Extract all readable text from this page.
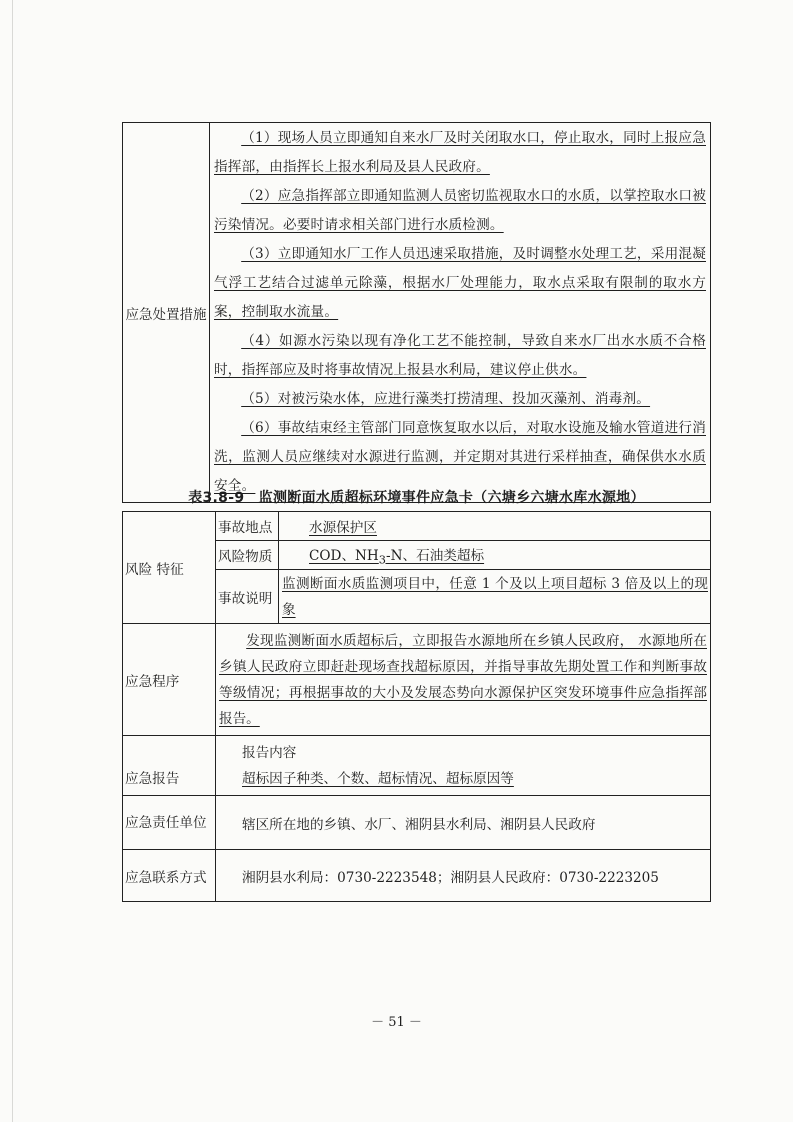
应急处置措施	

（1）现场人员立即通知自来水厂及时关闭取水口，停止取水，同时上报应急指挥部，由指挥长上报水利局及县人民政府。

（2）应急指挥部立即通知监测人员密切监视取水口的水质，以掌控取水口被污染情况。必要时请求相关部门进行水质检测。

（3）立即通知水厂工作人员迅速采取措施，及时调整水处理工艺，采用混凝气浮工艺结合过滤单元除藻，根据水厂处理能力，取水点采取有限制的取水方案，控制取水流量。

（4）如源水污染以现有净化工艺不能控制，导致自来水厂出水水质不合格时，指挥部应及时将事故情况上报县水利局，建议停止供水。

（5）对被污染水体，应进行藻类打捞清理、投加灭藻剂、消毒剂。

（6）事故结束经主管部门同意恢复取水以后，对取水设施及输水管道进行消洗，监测人员应继续对水源进行监测，并定期对其进行采样抽查，确保供水水质安全。

表3.8-9　监测断面水质超标环境事件应急卡（六塘乡六塘水库水源地）
风险 特征	事故地点	水源保护区
	风险物质	COD、$NH_3-N$、石油类超标
	事故说明	监测断面水质监测项目中，任意 1 个及以上项目超标 3 倍及以上的现象

应急程序	发现监测断面水质超标后，立即报告水源地所在乡镇人民政府， 水源地所在乡镇人民政府立即赶赴现场查找超标原因，并指导事故先期处置工作和判断事故等级情况；再根据事故的大小及发展态势向水源保护区突发环境事件应急指挥部报告。	

应急报告	报告内容
超标因子种类、个数、超标情况、超标原因等	

应急责任单位	辖区所在地的乡镇、水厂、湘阴县水利局、湘阴县人民政府	
应急联系方式	湘阴县水利局：0730-2223548；湘阴县人民政府：0730-2223205	
－ 51 －
